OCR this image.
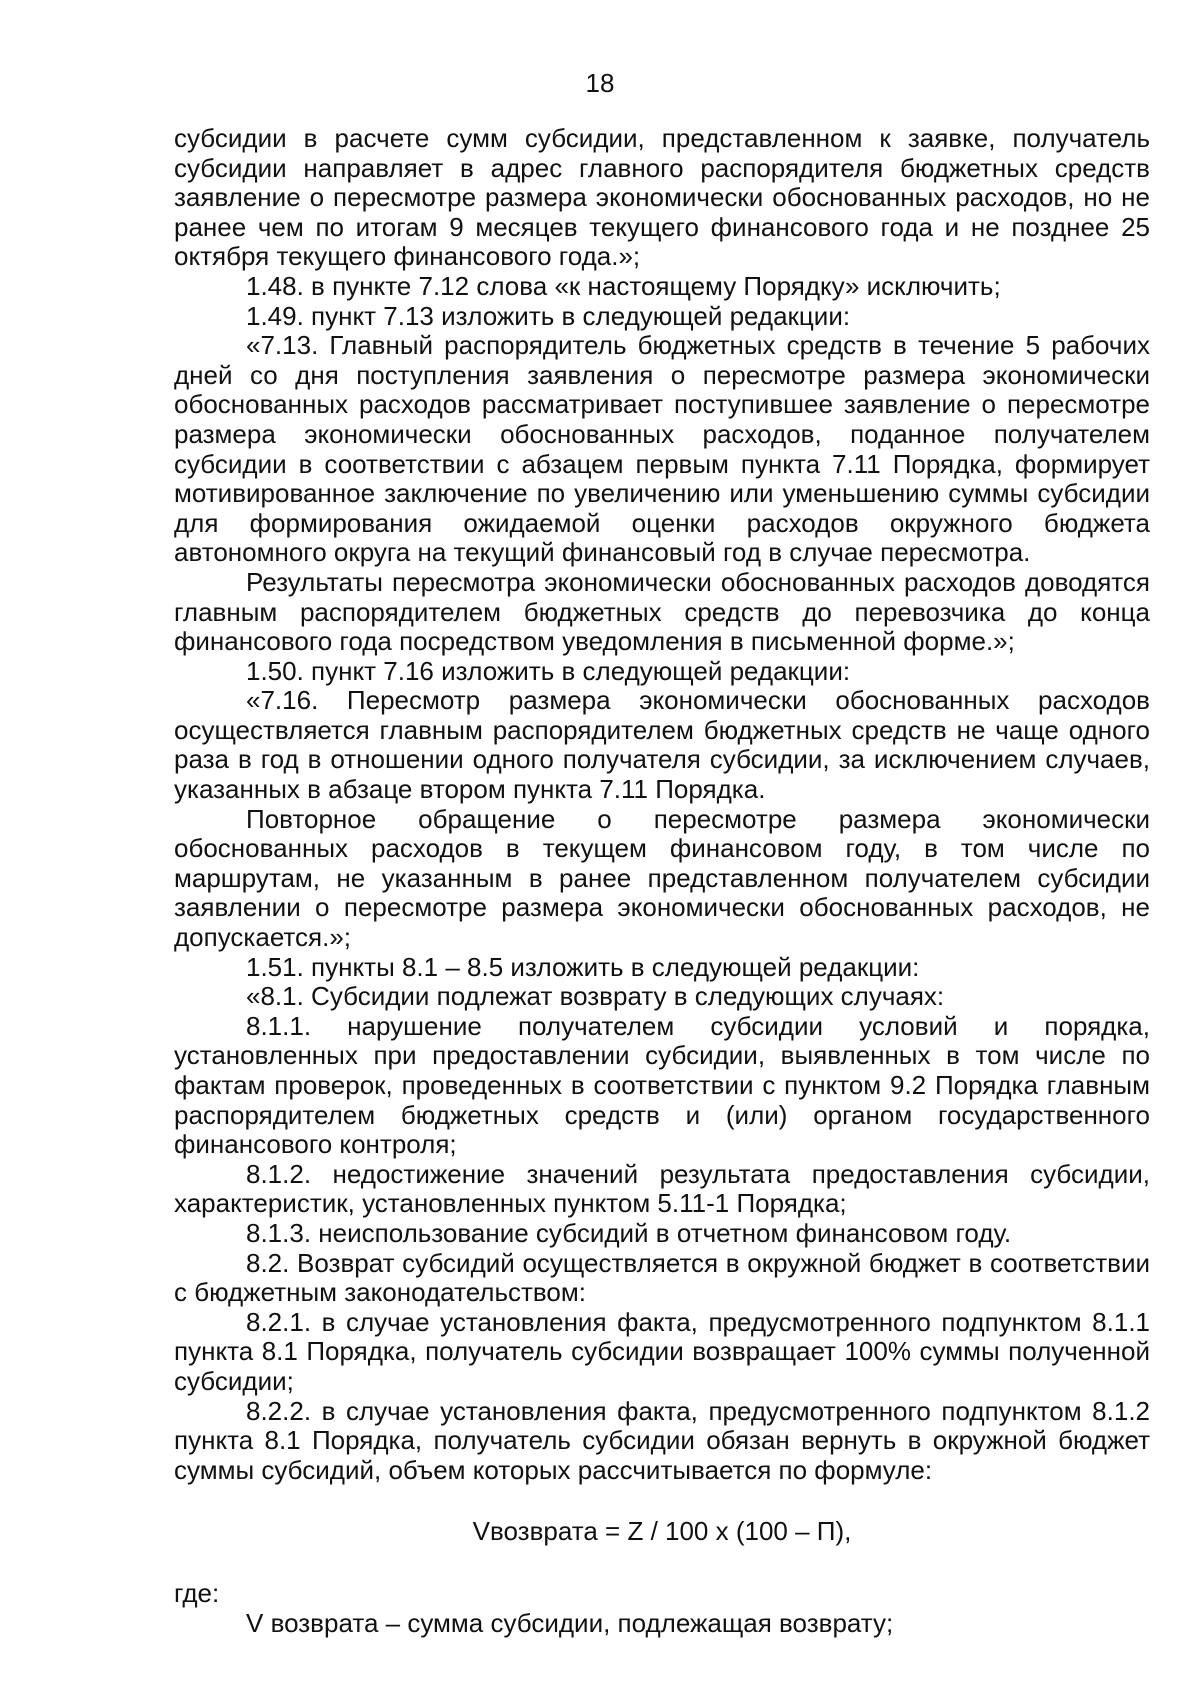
18

субсидии в расчете сумм субсидии, представленном к заявке, получатель субсидии направляет в адрес главного распорядителя бюджетных средств заявление о пересмотре размера экономически обоснованных расходов, но не ранее чем по итогам 9 месяцев текущего финансового года и не позднее 25 октября текущего финансового года.»;

1.48. в пункте 7.12 слова «к настоящему Порядку» исключить;

1.49. пункт 7.13 изложить в следующей редакции:

«7.13. Главный распорядитель бюджетных средств в течение 5 рабочих дней со дня поступления заявления о пересмотре размера экономически обоснованных расходов рассматривает поступившее заявление о пересмотре размера экономически обоснованных расходов, поданное получателем субсидии в соответствии с абзацем первым пункта 7.11 Порядка, формирует мотивированное заключение по увеличению или уменьшению суммы субсидии для формирования ожидаемой оценки расходов окружного бюджета автономного округа на текущий финансовый год в случае пересмотра.

Результаты пересмотра экономически обоснованных расходов доводятся главным распорядителем бюджетных средств до перевозчика до конца финансового года посредством уведомления в письменной форме.»;

1.50. пункт 7.16 изложить в следующей редакции:

«7.16. Пересмотр размера экономически обоснованных расходов осуществляется главным распорядителем бюджетных средств не чаще одного раза в год в отношении одного получателя субсидии, за исключением случаев, указанных в абзаце втором пункта 7.11 Порядка.

Повторное обращение о пересмотре размера экономически обоснованных расходов в текущем финансовом году, в том числе по маршрутам, не указанным в ранее представленном получателем субсидии заявлении о пересмотре размера экономически обоснованных расходов, не допускается.»;

1.51. пункты 8.1 – 8.5 изложить в следующей редакции:

«8.1. Субсидии подлежат возврату в следующих случаях:

8.1.1. нарушение получателем субсидии условий и порядка, установленных при предоставлении субсидии, выявленных в том числе по фактам проверок, проведенных в соответствии с пунктом 9.2 Порядка главным распорядителем бюджетных средств и (или) органом государственного финансового контроля;

8.1.2. недостижение значений результата предоставления субсидии, характеристик, установленных пунктом 5.11-1 Порядка;

8.1.3. неиспользование субсидий в отчетном финансовом году.

8.2. Возврат субсидий осуществляется в окружной бюджет в соответствии с бюджетным законодательством:

8.2.1. в случае установления факта, предусмотренного подпунктом 8.1.1 пункта 8.1 Порядка, получатель субсидии возвращает 100% суммы полученной субсидии;

8.2.2. в случае установления факта, предусмотренного подпунктом 8.1.2 пункта 8.1 Порядка, получатель субсидии обязан вернуть в окружной бюджет суммы субсидий, объем которых рассчитывается по формуле:

Vвозврата = Z / 100 х (100 – П),

где:

V возврата – сумма субсидии, подлежащая возврату;
